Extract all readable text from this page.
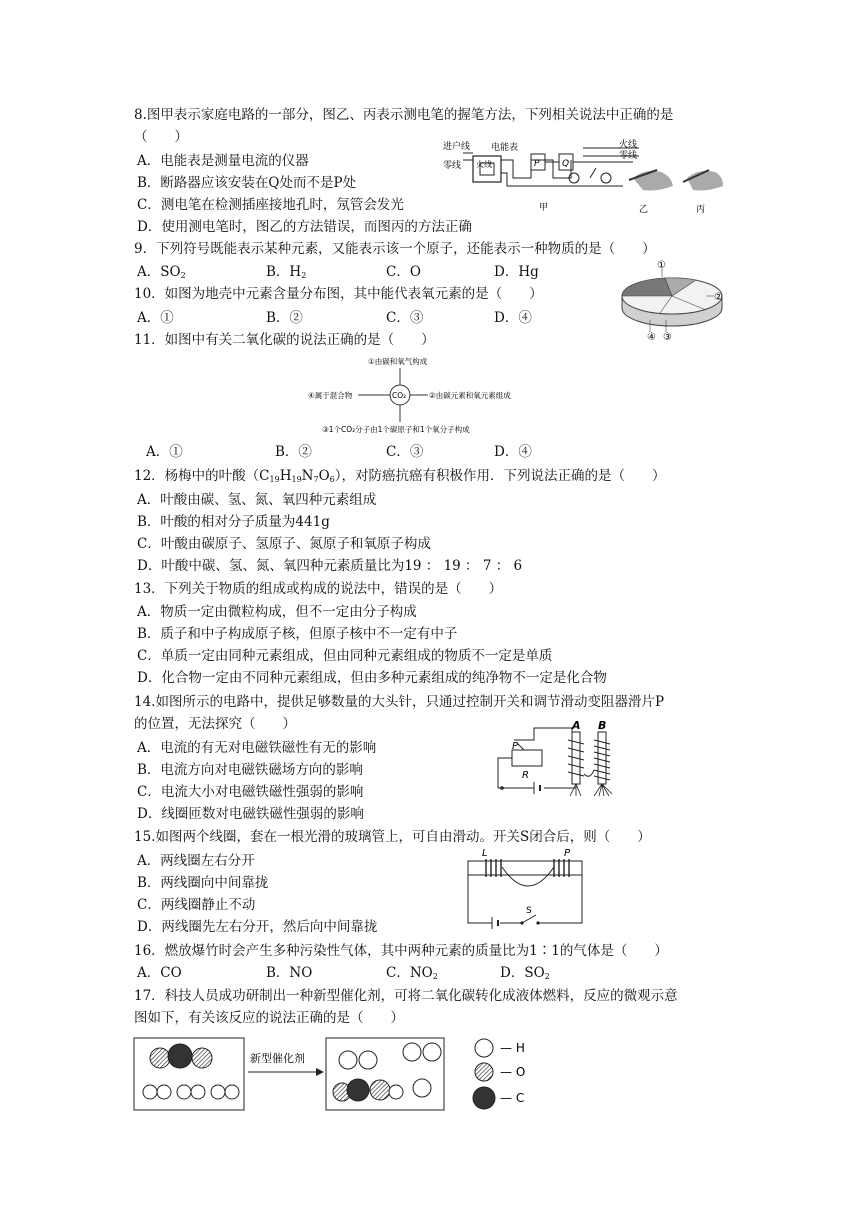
8.图甲表示家庭电路的一部分，图乙、丙表示测电笔的握笔方法，下列相关说法中正确的是
（　　）
A．电能表是测量电流的仪器
B．断路器应该安装在Q处而不是P处
C．测电笔在检测插座接地孔时，氖管会发光
D．使用测电笔时，图乙的方法错误，而图丙的方法正确
进户线
零线 火线
电能表
P	Q
火线
零线
甲	乙	丙
9．下列符号既能表示某种元素，又能表示该一个原子，还能表示一种物质的是（　　）
A．$SO_2$	B．$H_2$	C．O	D．Hg
10．如图为地壳中元素含量分布图，其中能代表氧元素的是（　　）
A．①	B．②	C．③	D．④
①
②
③
④
11．如图中有关二氧化碳的说法正确的是（　　）
①由碳和氧气构成
④属于混合物	②由碳元素和氧元素组成
③1个CO₂分子由1个碳原子和1个氧分子构成
CO₂
A．①	B．②	C．③	D．④
12．杨梅中的叶酸$(C_{19}H_{19}N_7O_6)$，对防癌抗癌有积极作用．下列说法正确的是（　　）
A．叶酸由碳、氢、氮、氧四种元素组成
B．叶酸的相对分子质量为441g
C．叶酸由碳原子、氢原子、氮原子和氧原子构成
D．叶酸中碳、氢、氮、氧四种元素质量比为19 ： 19 ： 7 ： 6
13．下列关于物质的组成或构成的说法中，错误的是（　　）
A．物质一定由微粒构成，但不一定由分子构成
B．质子和中子构成原子核，但原子核中不一定有中子
C．单质一定由同种元素组成，但由同种元素组成的物质不一定是单质
D．化合物一定由不同种元素组成，但由多种元素组成的纯净物不一定是化合物
14.如图所示的电路中，提供足够数量的大头针，只通过控制开关和调节滑动变阻器滑片P
的位置，无法探究（　　）
A．电流的有无对电磁铁磁性有无的影响
B．电流方向对电磁铁磁场方向的影响
C．电流大小对电磁铁磁性强弱的影响
D．线圈匝数对电磁铁磁性强弱的影响
R
P
A B
15.如图两个线圈，套在一根光滑的玻璃管上，可自由滑动。开关S闭合后，则（　　）
A．两线圈左右分开
B．两线圈向中间靠拢
C．两线圈静止不动
D．两线圈先左右分开，然后向中间靠拢
L	P
S
16．燃放爆竹时会产生多种污染性气体，其中两种元素的质量比为1∶1的气体是（　　）
A．CO	B．NO	C．$NO_2$	D．$SO_2$
17．科技人员成功研制出一种新型催化剂，可将二氧化碳转化成液体燃料，反应的微观示意
图如下，有关该反应的说法正确的是（　　）
新型催化剂
— H
— O
— C
